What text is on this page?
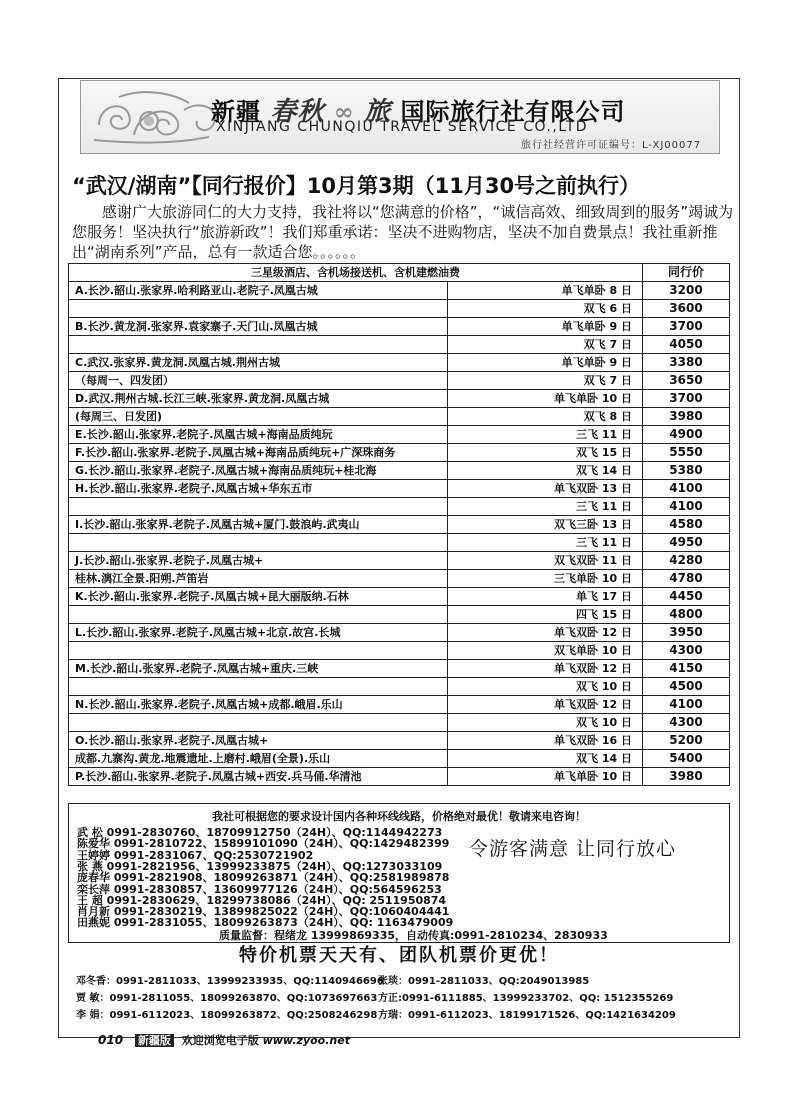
新疆 春秋 ∞ 旅 国际旅行社有限公司
XINJIANG CHUNQIU TRAVEL SERVICE CO.,LTD
旅行社经营许可证编号：L-XJ00077
“武汉/湖南”【同行报价】10月第3期（11月30号之前执行）
感谢广大旅游同仁的大力支持，我社将以“您满意的价格”，“诚信高效、细致周到的服务”竭诚为您服务！坚决执行“旅游新政”！我们郑重承诺：坚决不进购物店，坚决不加自费景点！我社重新推出“湖南系列”产品，总有一款适合您。。。。。。
三星级酒店、含机场接送机、含机建燃油费		同行价
A.长沙.韶山.张家界.哈利路亚山.老院子.凤凰古城	单飞单卧 8 日	3200
	双飞 6 日	3600
B.长沙.黄龙洞.张家界.袁家寨子.天门山.凤凰古城	单飞单卧 9 日	3700
	双飞 7 日	4050
C.武汉.张家界.黄龙洞.凤凰古城.荆州古城	单飞单卧 9 日	3380
（每周一、四发团）	双飞 7 日	3650
D.武汉.荆州古城.长江三峡.张家界.黄龙洞.凤凰古城	单飞单卧 10 日	3700
(每周三、日发团)	双飞 8 日	3980
E.长沙.韶山.张家界.老院子.凤凰古城+海南品质纯玩	三飞 11 日	4900
F.长沙.韶山.张家界.老院子.凤凰古城+海南品质纯玩+广深珠商务	双飞 15 日	5550
G.长沙.韶山.张家界.老院子.凤凰古城+海南品质纯玩+桂北海	双飞 14 日	5380
H.长沙.韶山.张家界.老院子.凤凰古城+华东五市	单飞双卧 13 日	4100
	三飞 11 日	4100
I.长沙.韶山.张家界.老院子.凤凰古城+厦门.鼓浪屿.武夷山	双飞三卧 13 日	4580
	三飞 11 日	4950
J.长沙.韶山.张家界.老院子.凤凰古城+	双飞双卧 11 日	4280
桂林.漓江全景.阳朔.芦笛岩	三飞单卧 10 日	4780
K.长沙.韶山.张家界.老院子.凤凰古城+昆大丽版纳.石林	单飞 17 日	4450
	四飞 15 日	4800
L.长沙.韶山.张家界.老院子.凤凰古城+北京.故宫.长城	单飞双卧 12 日	3950
	双飞单卧 10 日	4300
M.长沙.韶山.张家界.老院子.凤凰古城+重庆.三峡	单飞双卧 12 日	4150
	双飞 10 日	4500
N.长沙.韶山.张家界.老院子.凤凰古城+成都.峨眉.乐山	单飞双卧 12 日	4100
	双飞 10 日	4300
O.长沙.韶山.张家界.老院子.凤凰古城+	单飞双卧 16 日	5200
成都.九寨沟.黄龙.地震遗址.上磨村.峨眉(全景).乐山	双飞 14 日	5400
P.长沙.韶山.张家界.老院子.凤凰古城+西安.兵马俑.华清池	单飞单卧 10 日	3980
我社可根据您的要求设计国内各种环线线路，价格绝对最优！敬请来电咨询！
武 松 0991-2830760、18709912750（24H）、QQ:1144942273
陈爱华 0991-2810722、15899101090（24H）、QQ:1429482399
王婷婷 0991-2831067、QQ:2530721902
张 燕 0991-2821956、13999233875（24H）、QQ:1273033109
庞春华 0991-2821908、18099263871（24H）、QQ:2581989878
栾长萍 0991-2830857、13609977126（24H）、QQ:564596253
王 超 0991-2830629、18299738086（24H）、QQ: 2511950874
肖月新 0991-2830219、13899825022（24H）、QQ:1060404441
田燕妮 0991-2831055、18099263873（24H）、QQ: 1163479009
令游客满意 让同行放心
质量监督：程绪龙 13999869335，自动传真:0991-2810234、2830933
特价机票天天有、团队机票价更优！
邓冬香：0991-2811033、13999233935、QQ:1140946696
张琰：0991-2811033、QQ:2049013985
贾 敏：0991-2811055、18099263870、QQ:1073697663 方正:0991-6111885、13999233702、QQ: 1512355269
李 娟：0991-6112023、18099263872、QQ:2508246298 方瑞：0991-6112023、18199171526、QQ:1421634209
010 新疆版 欢迎浏览电子版 www.zyoo.net
